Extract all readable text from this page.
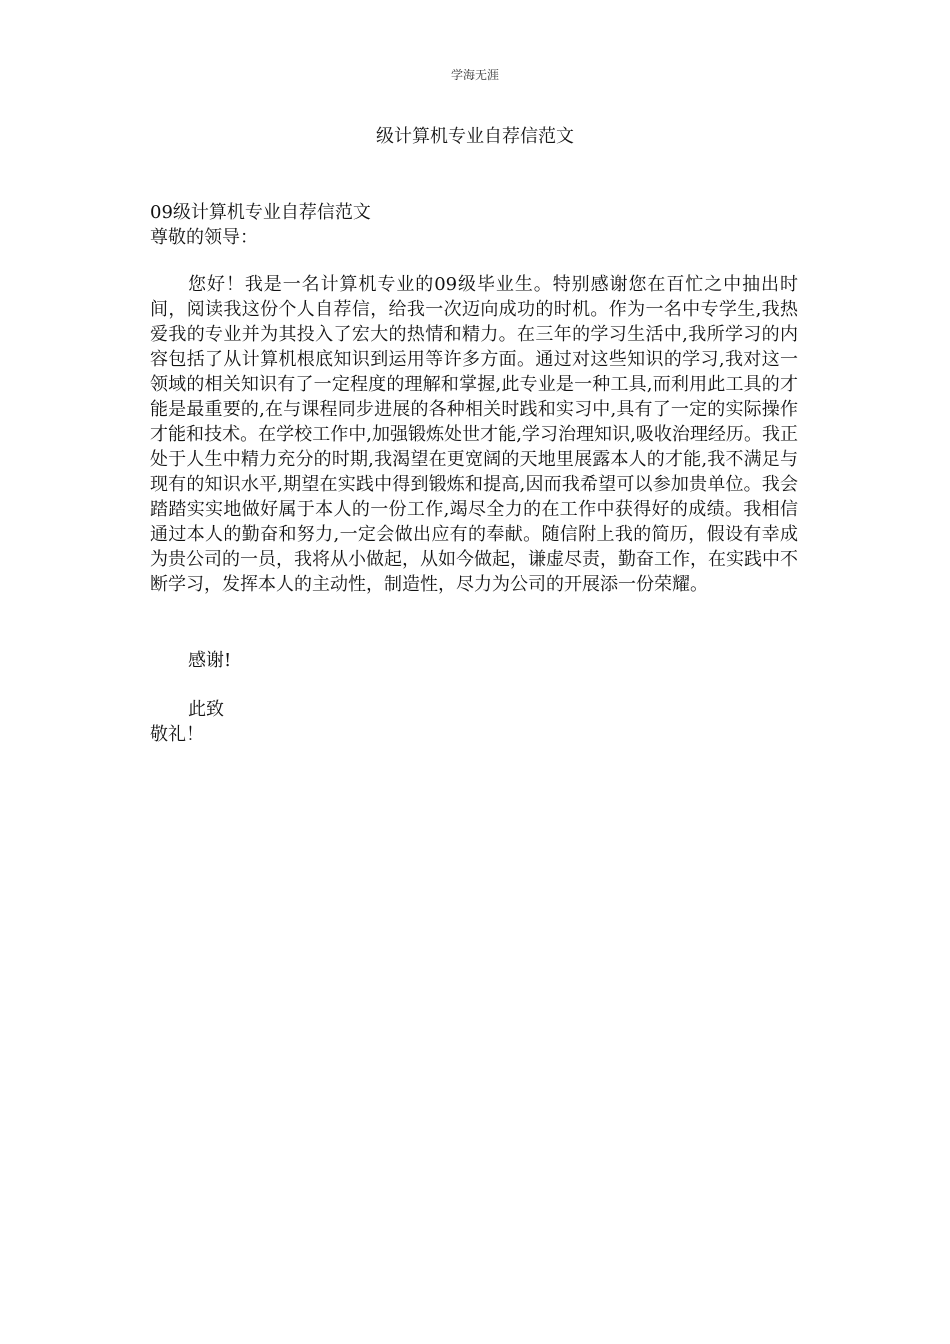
学海无涯
级计算机专业自荐信范文
09级计算机专业自荐信范文
尊敬的领导：
您好！我是一名计算机专业的09级毕业生。特别感谢您在百忙之中抽出时间，阅读我这份个人自荐信，给我一次迈向成功的时机。作为一名中专学生,我热爱我的专业并为其投入了宏大的热情和精力。在三年的学习生活中,我所学习的内容包括了从计算机根底知识到运用等许多方面。通过对这些知识的学习,我对这一领域的相关知识有了一定程度的理解和掌握,此专业是一种工具,而利用此工具的才能是最重要的,在与课程同步进展的各种相关时践和实习中,具有了一定的实际操作才能和技术。在学校工作中,加强锻炼处世才能,学习治理知识,吸收治理经历。我正处于人生中精力充分的时期,我渴望在更宽阔的天地里展露本人的才能,我不满足与现有的知识水平,期望在实践中得到锻炼和提高,因而我希望可以参加贵单位。我会踏踏实实地做好属于本人的一份工作,竭尽全力的在工作中获得好的成绩。我相信通过本人的勤奋和努力,一定会做出应有的奉献。随信附上我的简历，假设有幸成为贵公司的一员，我将从小做起，从如今做起，谦虚尽责，勤奋工作，在实践中不断学习，发挥本人的主动性，制造性，尽力为公司的开展添一份荣耀。
感谢!
此致
敬礼！
